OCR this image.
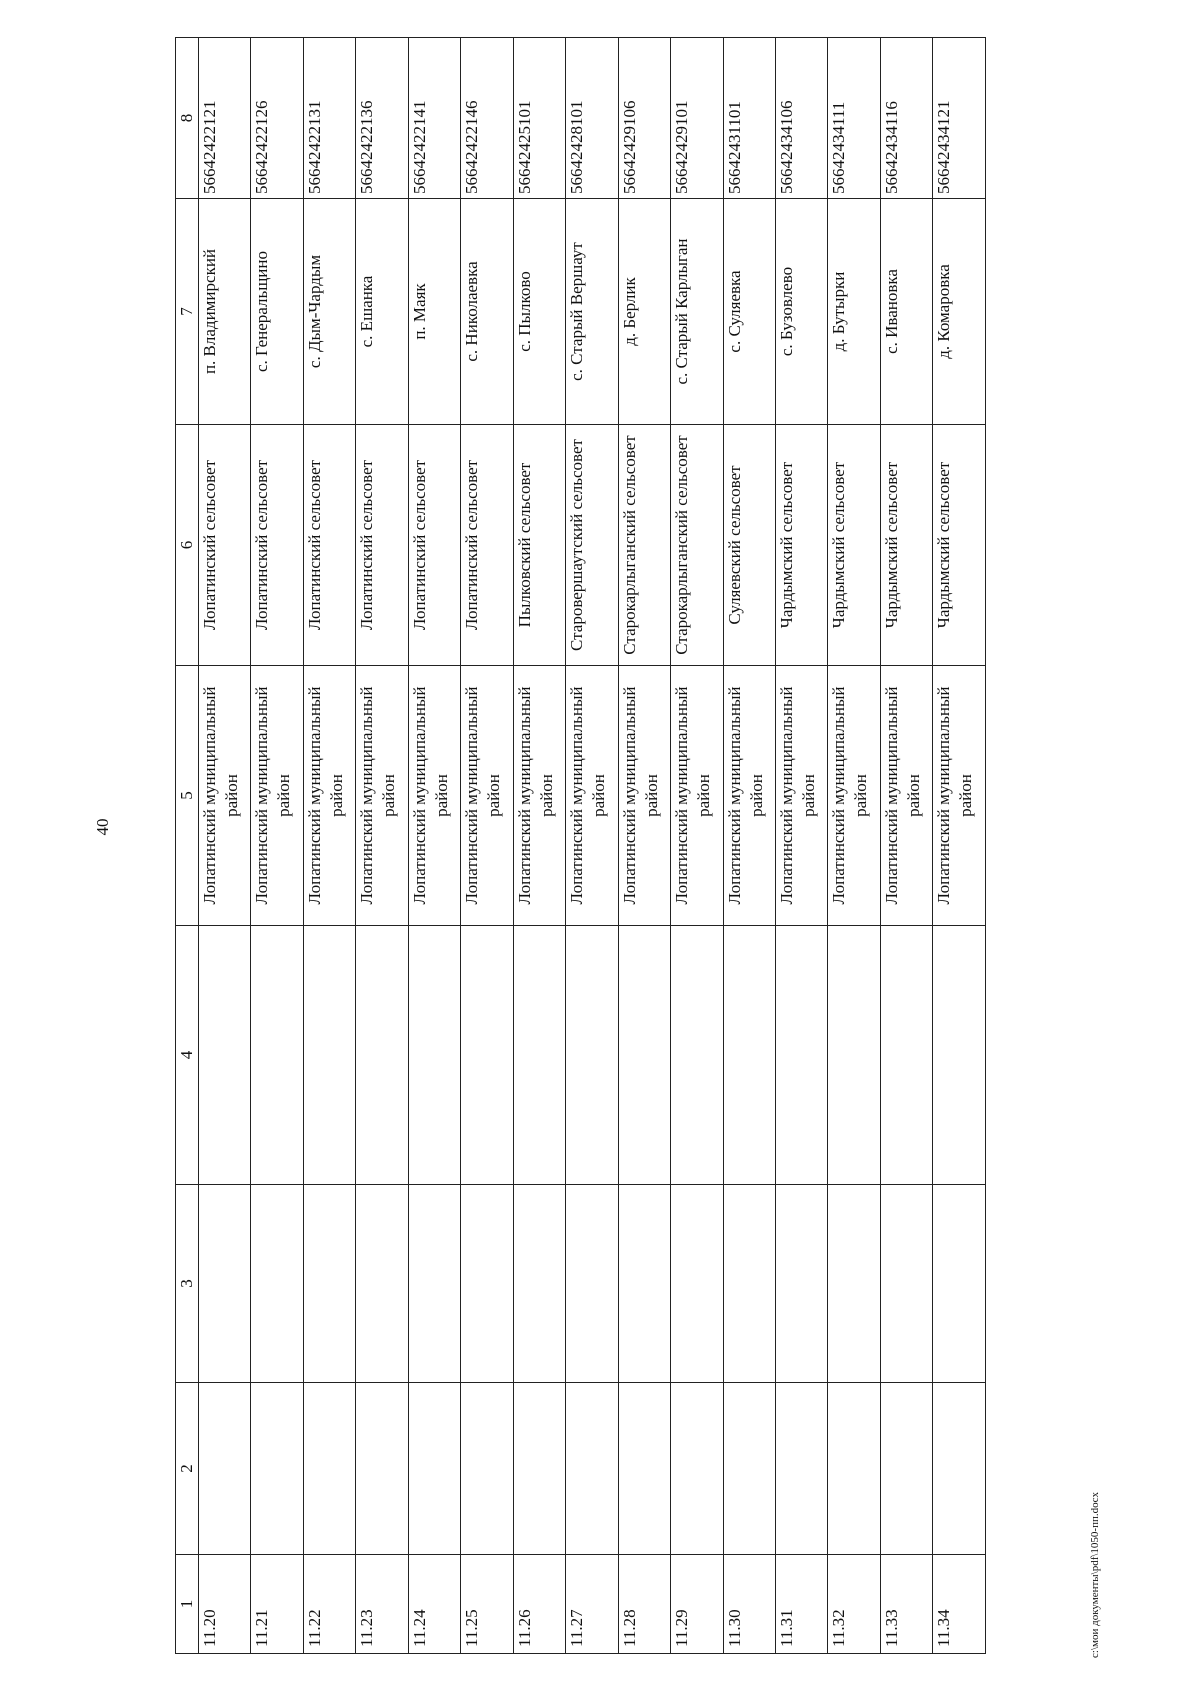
40
1	2	3	4	5	6	7	8
11.20				Лопатинский муниципальный район	Лопатинский сельсовет	п. Владимирский	56642422121
11.21				Лопатинский муниципальный район	Лопатинский сельсовет	с. Генеральщино	56642422126
11.22				Лопатинский муниципальный район	Лопатинский сельсовет	с. Дым-Чардым	56642422131
11.23				Лопатинский муниципальный район	Лопатинский сельсовет	с. Ешанка	56642422136
11.24				Лопатинский муниципальный район	Лопатинский сельсовет	п. Маяк	56642422141
11.25				Лопатинский муниципальный район	Лопатинский сельсовет	с. Николаевка	56642422146
11.26				Лопатинский муниципальный район	Пылковский сельсовет	с. Пылково	56642425101
11.27				Лопатинский муниципальный район	Старовершаутский сельсовет	с. Старый Вершаут	56642428101
11.28				Лопатинский муниципальный район	Старокарлыганский сельсовет	д. Берлик	56642429106
11.29				Лопатинский муниципальный район	Старокарлыганский сельсовет	с. Старый Карлыган	56642429101
11.30				Лопатинский муниципальный район	Суляевский сельсовет	с. Суляевка	56642431101
11.31				Лопатинский муниципальный район	Чардымский сельсовет	с. Бузовлево	56642434106
11.32				Лопатинский муниципальный район	Чардымский сельсовет	д. Бутырки	56642434111
11.33				Лопатинский муниципальный район	Чардымский сельсовет	с. Ивановка	56642434116
11.34				Лопатинский муниципальный район	Чардымский сельсовет	д. Комаровка	56642434121
c:\мои документы\pdf\1050-пп.docx
